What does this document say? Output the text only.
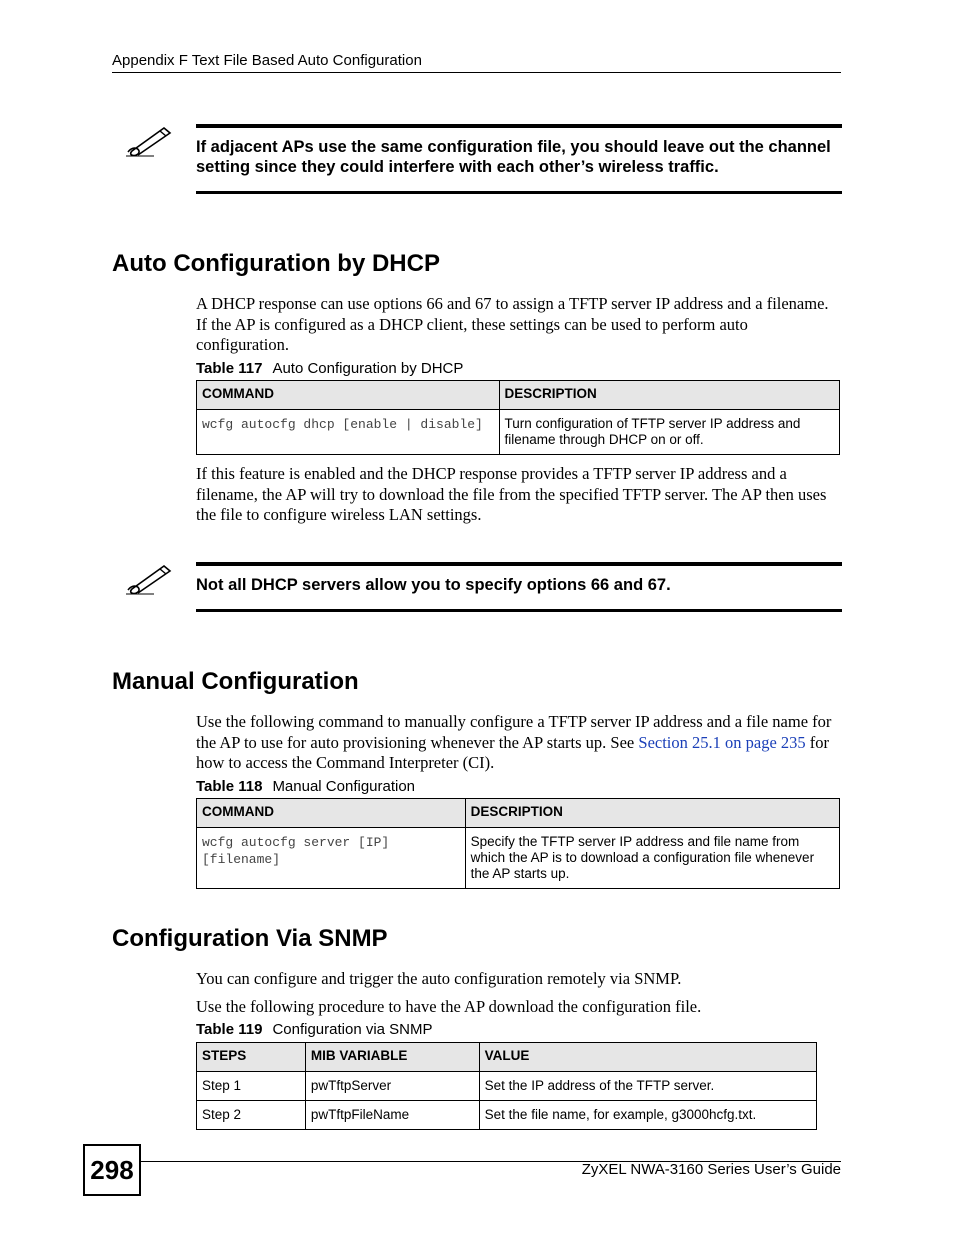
Appendix F Text File Based Auto Configuration
If adjacent APs use the same configuration file, you should leave out the channel setting since they could interfere with each other’s wireless traffic.
Auto Configuration by DHCP
A DHCP response can use options 66 and 67 to assign a TFTP server IP address and a filename. If the AP is configured as a DHCP client, these settings can be used to perform auto configuration.
Table 117 Auto Configuration by DHCP
COMMAND	DESCRIPTION
wcfg autocfg dhcp [enable | disable]	Turn configuration of TFTP server IP address and filename through DHCP on or off.
If this feature is enabled and the DHCP response provides a TFTP server IP address and a filename, the AP will try to download the file from the specified TFTP server. The AP then uses the file to configure wireless LAN settings.
Not all DHCP servers allow you to specify options 66 and 67.
Manual Configuration
Use the following command to manually configure a TFTP server IP address and a file name for the AP to use for auto provisioning whenever the AP starts up. See Section 25.1 on page 235 for how to access the Command Interpreter (CI).
Table 118 Manual Configuration
COMMAND	DESCRIPTION
wcfg autocfg server [IP] [filename]	Specify the TFTP server IP address and file name from which the AP is to download a configuration file whenever the AP starts up.
Configuration Via SNMP
You can configure and trigger the auto configuration remotely via SNMP.
Use the following procedure to have the AP download the configuration file.
Table 119 Configuration via SNMP
STEPS	MIB VARIABLE	VALUE
Step 1	pwTftpServer	Set the IP address of the TFTP server.
Step 2	pwTftpFileName	Set the file name, for example, g3000hcfg.txt.
298	ZyXEL NWA-3160 Series User’s Guide
